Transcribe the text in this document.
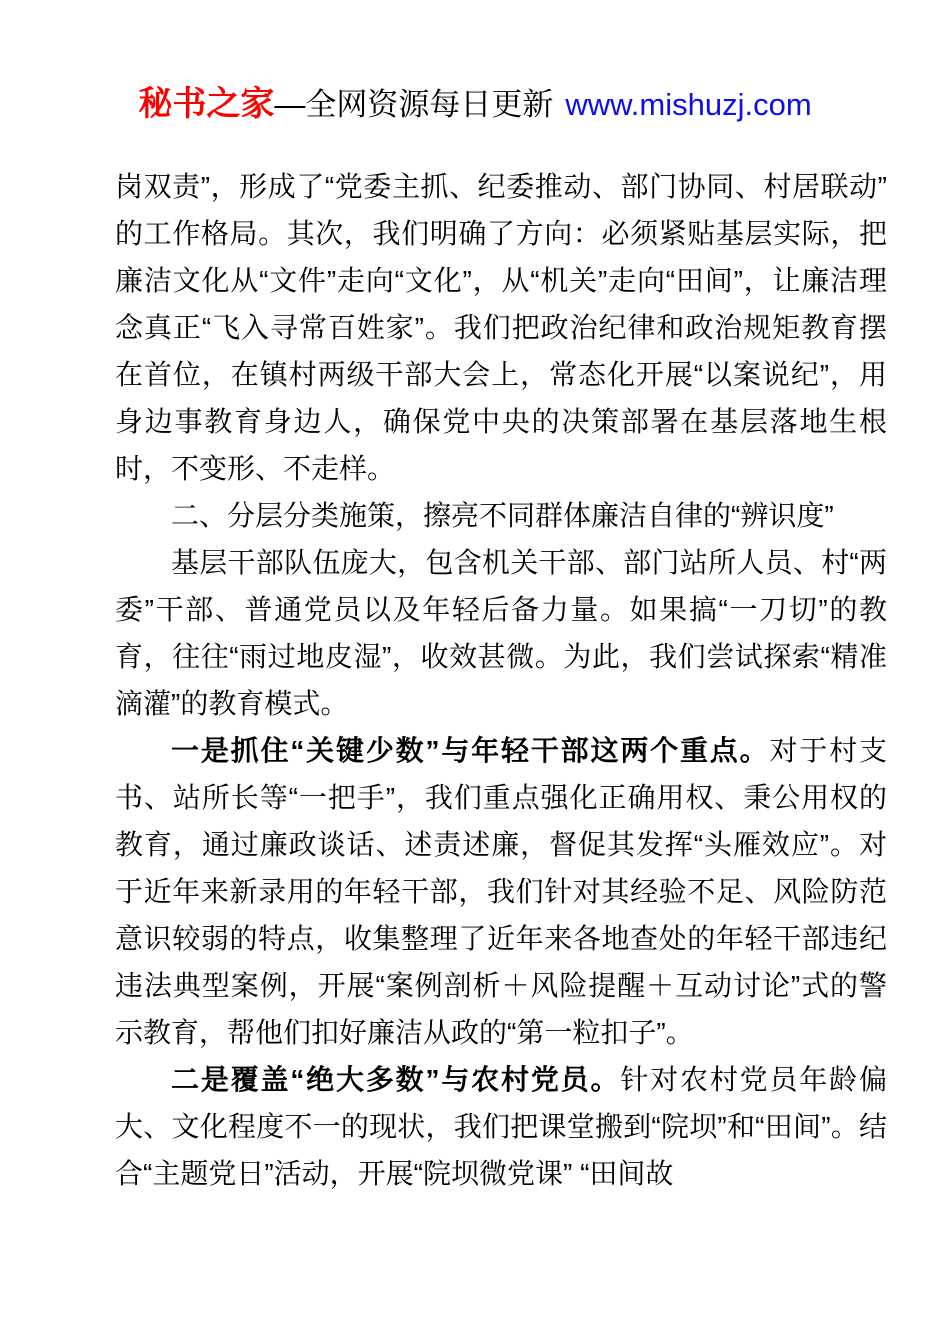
秘书之家—全网资源每日更新 www.mishuzj.com

岗双责”，形成了“党委主抓、纪委推动、部门协同、村居联动”的工作格局。其次，我们明确了方向：必须紧贴基层实际，把廉洁文化从“文件”走向“文化”，从“机关”走向“田间”，让廉洁理念真正“飞入寻常百姓家”。我们把政治纪律和政治规矩教育摆在首位，在镇村两级干部大会上，常态化开展“以案说纪”，用身边事教育身边人，确保党中央的决策部署在基层落地生根时，不变形、不走样。

二、分层分类施策，擦亮不同群体廉洁自律的“辨识度”

基层干部队伍庞大，包含机关干部、部门站所人员、村“两委”干部、普通党员以及年轻后备力量。如果搞“一刀切”的教育，往往“雨过地皮湿”，收效甚微。为此，我们尝试探索“精准滴灌”的教育模式。

一是抓住“关键少数”与年轻干部这两个重点。对于村支书、站所长等“一把手”，我们重点强化正确用权、秉公用权的教育，通过廉政谈话、述责述廉，督促其发挥“头雁效应”。对于近年来新录用的年轻干部，我们针对其经验不足、风险防范意识较弱的特点，收集整理了近年来各地查处的年轻干部违纪违法典型案例，开展“案例剖析＋风险提醒＋互动讨论”式的警示教育，帮他们扣好廉洁从政的“第一粒扣子”。

二是覆盖“绝大多数”与农村党员。针对农村党员年龄偏大、文化程度不一的现状，我们把课堂搬到“院坝”和“田间”。结合“主题党日”活动，开展“院坝微党课” “田间故
